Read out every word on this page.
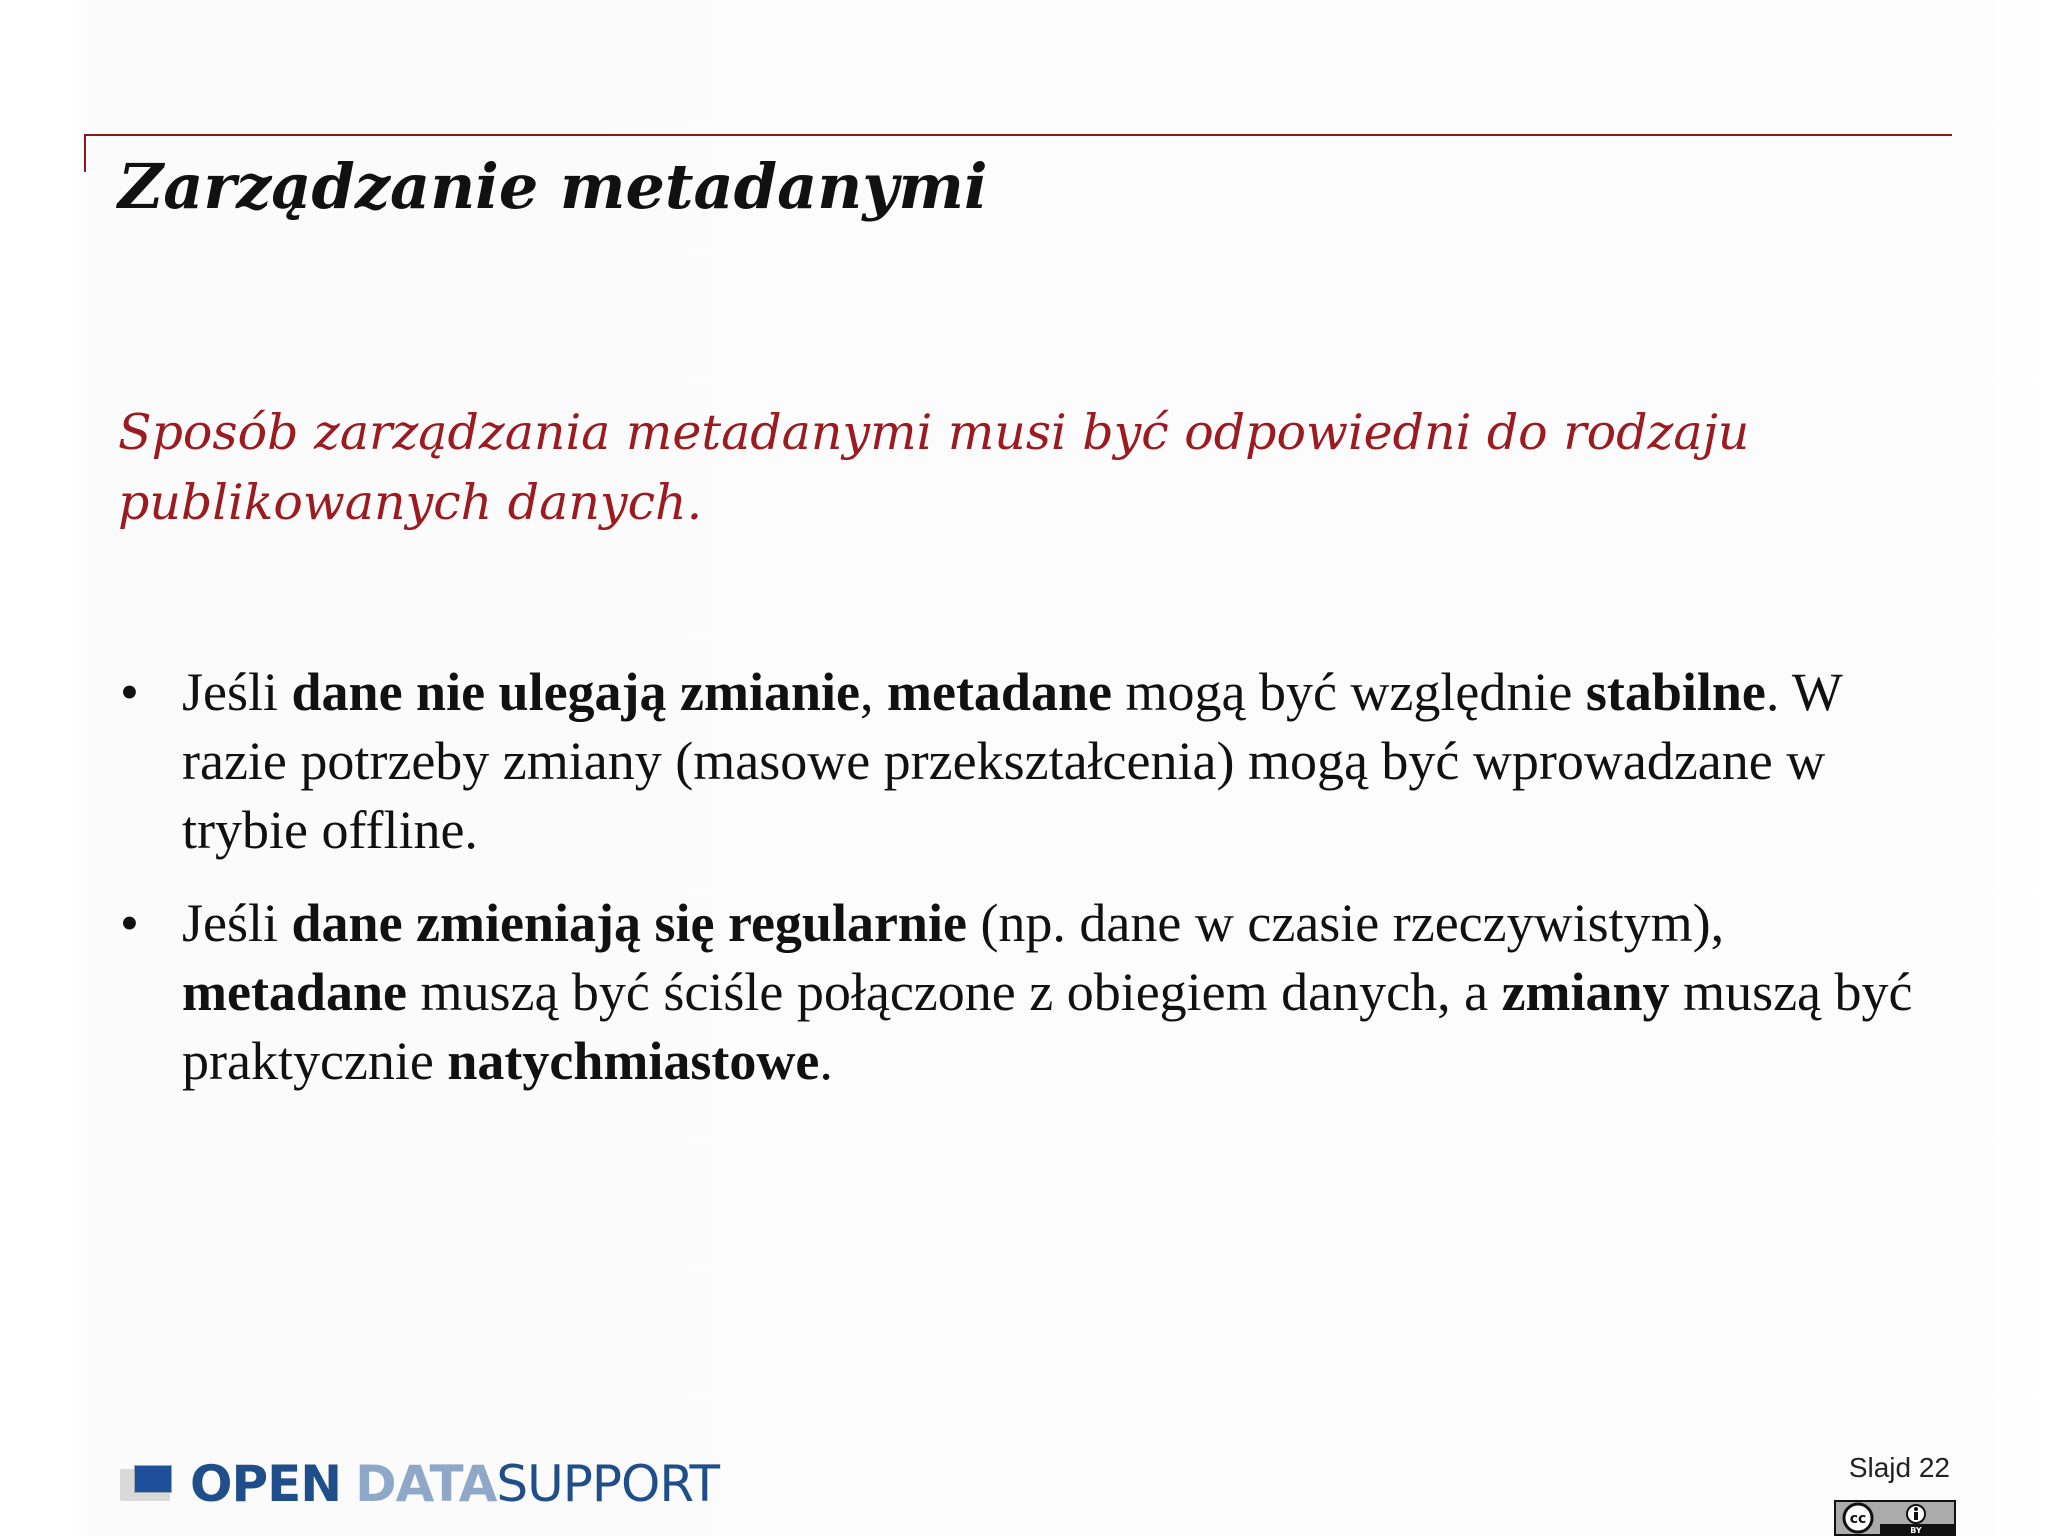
Zarządzanie metadanymi

Sposób zarządzania metadanymi musi być odpowiedni do rodzaju publikowanych danych.

• Jeśli dane nie ulegają zmianie, metadane mogą być względnie stabilne. W razie potrzeby zmiany (masowe przekształcenia) mogą być wprowadzane w trybie offline.
• Jeśli dane zmieniają się regularnie (np. dane w czasie rzeczywistym), metadane muszą być ściśle połączone z obiegiem danych, a zmiany muszą być praktycznie natychmiastowe.
OPEN DATASUPPORT	Slajd 22
cc
BY
